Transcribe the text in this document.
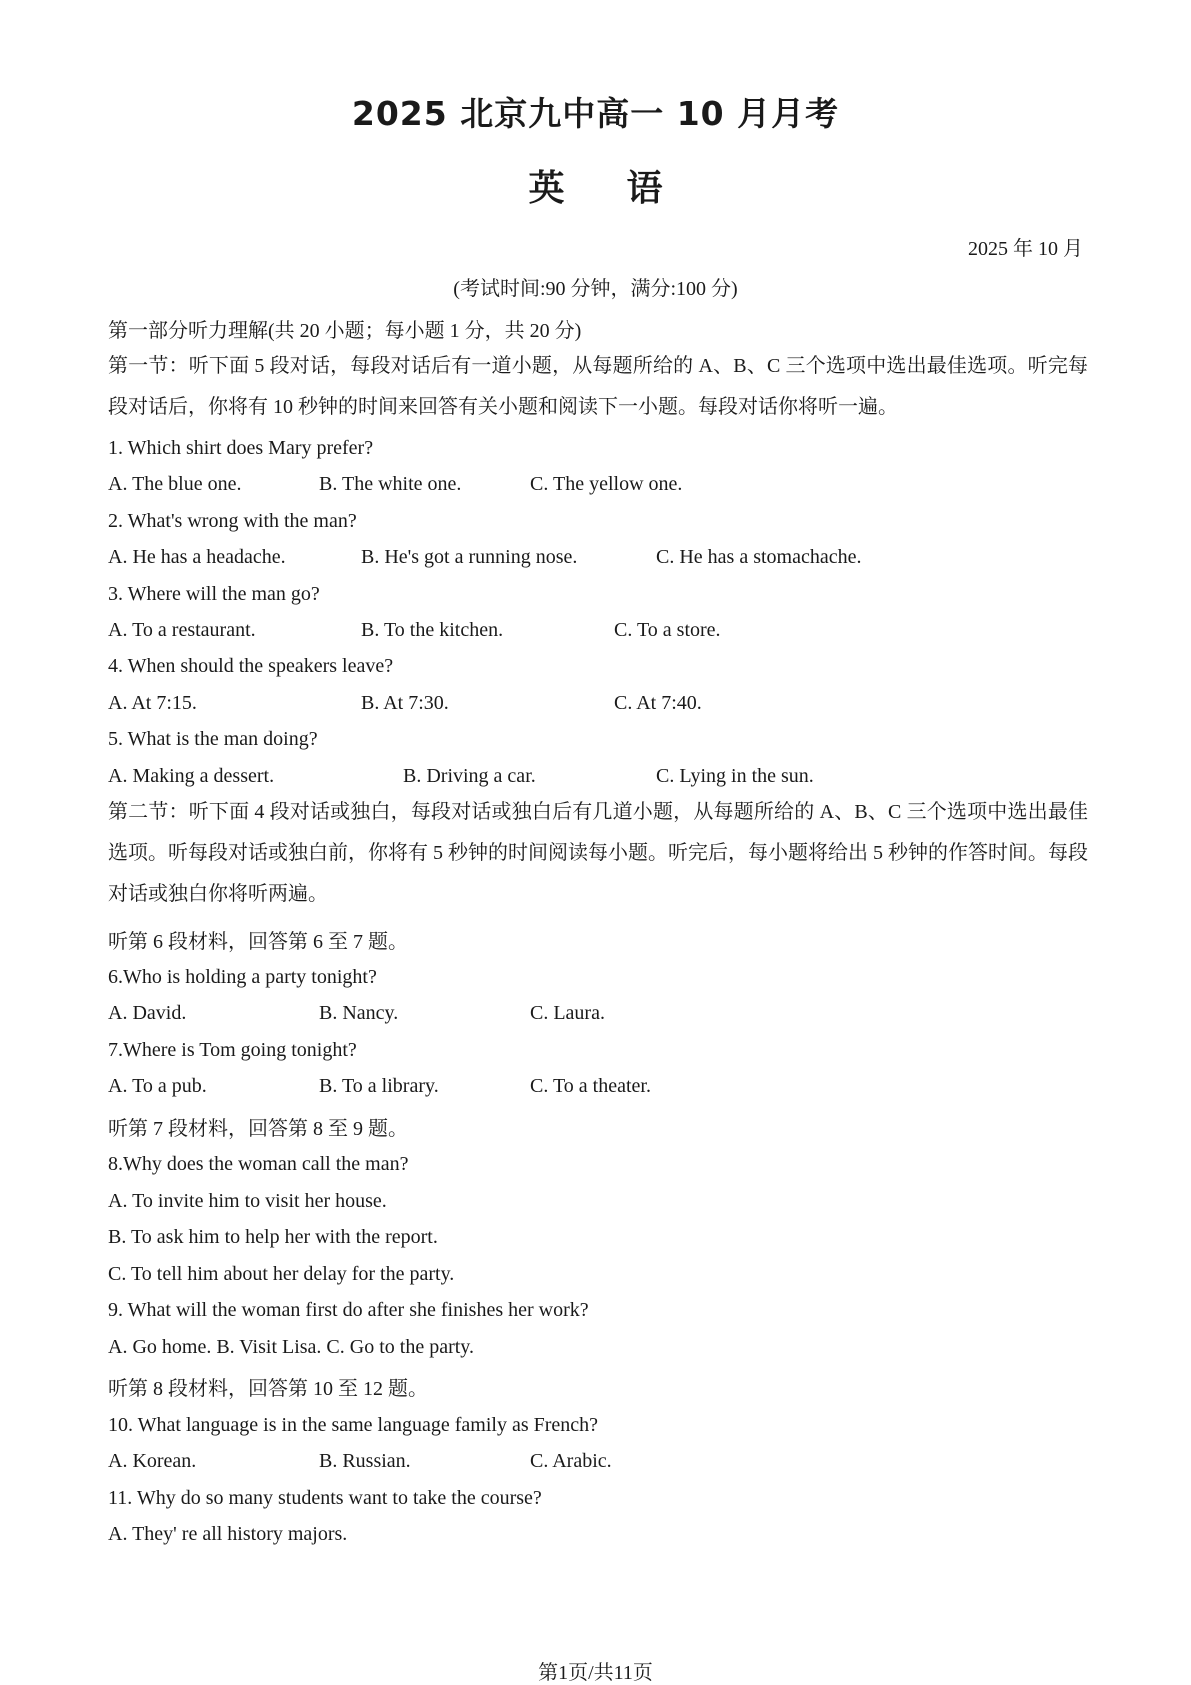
2025 北京九中高一 10 月月考
英 语
2025 年 10 月
(考试时间:90 分钟，满分:100 分)
第一部分听力理解(共 20 小题；每小题 1 分，共 20 分)
第一节：听下面 5 段对话，每段对话后有一道小题，从每题所给的 A、B、C 三个选项中选出最佳选项。听完每段对话后，你将有 10 秒钟的时间来回答有关小题和阅读下一小题。每段对话你将听一遍。
1. Which shirt does Mary prefer?
A. The blue one.	B. The white one.	C. The yellow one.
2. What's wrong with the man?
A. He has a headache.	B. He's got a running nose.	C. He has a stomachache.
3. Where will the man go?
A. To a restaurant.	B. To the kitchen.	C. To a store.
4. When should the speakers leave?
A. At 7:15.	B. At 7:30.	C. At 7:40.
5. What is the man doing?
A. Making a dessert.	B. Driving a car.	C. Lying in the sun.
第二节：听下面 4 段对话或独白，每段对话或独白后有几道小题，从每题所给的 A、B、C 三个选项中选出最佳选项。听每段对话或独白前，你将有 5 秒钟的时间阅读每小题。听完后，每小题将给出 5 秒钟的作答时间。每段对话或独白你将听两遍。
听第 6 段材料，回答第 6 至 7 题。
6.Who is holding a party tonight?
A. David.	B. Nancy.	C. Laura.
7.Where is Tom going tonight?
A. To a pub.	B. To a library.	C. To a theater.
听第 7 段材料，回答第 8 至 9 题。
8.Why does the woman call the man?
A. To invite him to visit her house.
B. To ask him to help her with the report.
C. To tell him about her delay for the party.
9. What will the woman first do after she finishes her work?
A. Go home. B. Visit Lisa. C. Go to the party.
听第 8 段材料，回答第 10 至 12 题。
10. What language is in the same language family as French?
A. Korean.	B. Russian.	C. Arabic.
11. Why do so many students want to take the course?
A. They' re all history majors.
第1页/共11页
